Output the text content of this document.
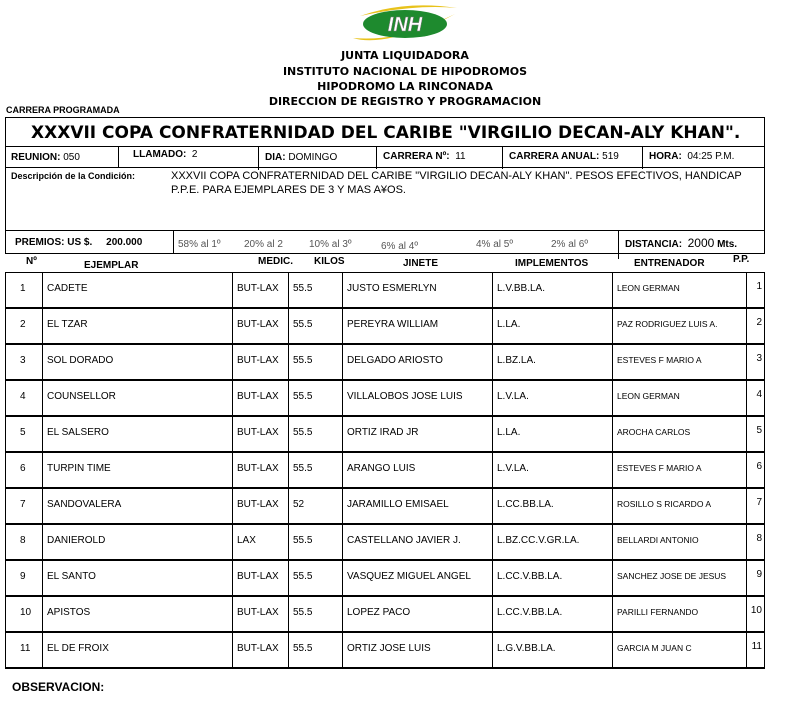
INH
JUNTA LIQUIDADORA
INSTITUTO NACIONAL DE HIPODROMOS
HIPODROMO LA RINCONADA
DIRECCION DE REGISTRO Y PROGRAMACION
CARRERA PROGRAMADA
XXXVII COPA CONFRATERNIDAD DEL CARIBE "VIRGILIO DECAN-ALY KHAN".
REUNION: 050	LLAMADO: 2	DIA: DOMINGO	CARRERA Nº: 11	CARRERA ANUAL: 519	HORA: 04:25 P.M.
Descripción de la Condición:	XXXVII COPA CONFRATERNIDAD DEL CARIBE "VIRGILIO DECAN-ALY KHAN". PESOS EFECTIVOS, HANDICAP P.P.E. PARA EJEMPLARES DE 3 Y MAS A¥OS.
PREMIOS: US $. 200.000	58% al 1º 20% al 2	10% al 3º	6% al 4º	4% al 5º	2% al 6º	DISTANCIA: 2000 Mts.
Nº	EJEMPLAR	MEDIC. KILOS	JINETE	IMPLEMENTOS	ENTRENADOR	P.P.
1	CADETE	BUT-LAX	55.5	JUSTO ESMERLYN	L.V.BB.LA.	LEON GERMAN	1
2	EL TZAR	BUT-LAX	55.5	PEREYRA WILLIAM	L.LA.	PAZ RODRIGUEZ LUIS A.	2
3	SOL DORADO	BUT-LAX	55.5	DELGADO ARIOSTO	L.BZ.LA.	ESTEVES F MARIO A	3
4	COUNSELLOR	BUT-LAX	55.5	VILLALOBOS JOSE LUIS	L.V.LA.	LEON GERMAN	4
5	EL SALSERO	BUT-LAX	55.5	ORTIZ IRAD JR	L.LA.	AROCHA CARLOS	5
6	TURPIN TIME	BUT-LAX	55.5	ARANGO LUIS	L.V.LA.	ESTEVES F MARIO A	6
7	SANDOVALERA	BUT-LAX	52	JARAMILLO EMISAEL	L.CC.BB.LA.	ROSILLO S RICARDO A	7
8	DANIEROLD	LAX	55.5	CASTELLANO JAVIER J.	L.BZ.CC.V.GR.LA.	BELLARDI ANTONIO	8
9	EL SANTO	BUT-LAX	55.5	VASQUEZ MIGUEL ANGEL	L.CC.V.BB.LA.	SANCHEZ JOSE DE JESUS	9
10	APISTOS	BUT-LAX	55.5	LOPEZ PACO	L.CC.V.BB.LA.	PARILLI FERNANDO	10
11	EL DE FROIX	BUT-LAX	55.5	ORTIZ JOSE LUIS	L.G.V.BB.LA.	GARCIA M JUAN C	11
OBSERVACION:
